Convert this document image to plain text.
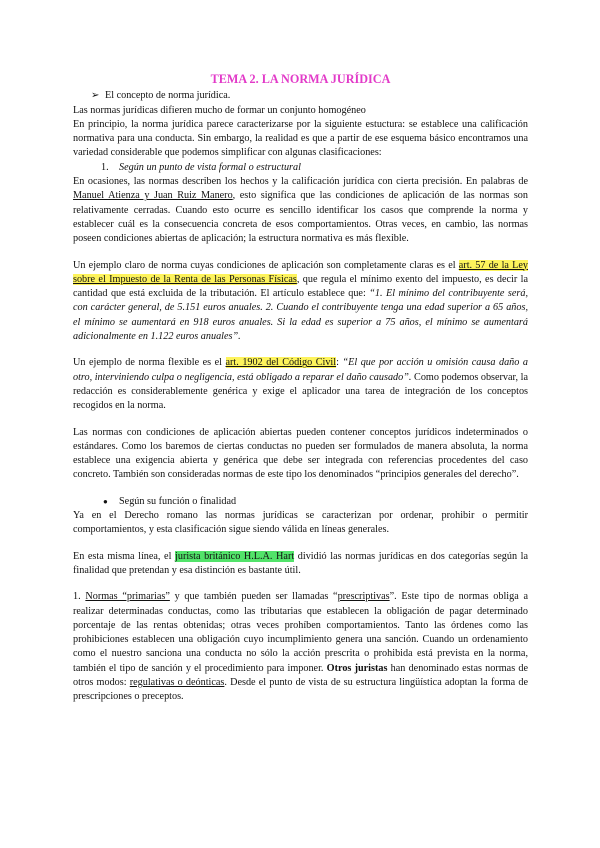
TEMA 2. LA NORMA JURÍDICA

➢ El concepto de norma jurídica.

Las normas jurídicas difieren mucho de formar un conjunto homogéneo

En principio, la norma jurídica parece caracterizarse por la siguiente estuctura: se establece una calificación normativa para una conducta. Sin embargo, la realidad es que a partir de ese esquema básico encontramos una variedad considerable que podemos simplificar con algunas clasificaciones:

1. Según un punto de vista formal o estructural

En ocasiones, las normas describen los hechos y la calificación jurídica con cierta precisión. En palabras de Manuel Atienza y Juan Ruiz Manero, esto significa que las condiciones de aplicación de las normas son relativamente cerradas. Cuando esto ocurre es sencillo identificar los casos que comprende la norma y establecer cuál es la consecuencia concreta de esos comportamientos. Otras veces, en cambio, las normas poseen condiciones abiertas de aplicación; la estructura normativa es más flexible.

Un ejemplo claro de norma cuyas condiciones de aplicación son completamente claras es el art. 57 de la Ley sobre el Impuesto de la Renta de las Personas Físicas, que regula el mínimo exento del impuesto, es decir la cantidad que está excluida de la tributación. El artículo establece que: “1. El mínimo del contribuyente será, con carácter general, de 5.151 euros anuales. 2. Cuando el contribuyente tenga una edad superior a 65 años, el mínimo se aumentará en 918 euros anuales. Si la edad es superior a 75 años, el mínimo se aumentará adicionalmente en 1.122 euros anuales”.

Un ejemplo de norma flexible es el art. 1902 del Código Civil: “El que por acción u omisión causa daño a otro, interviniendo culpa o negligencia, está obligado a reparar el daño causado”. Como podemos observar, la redacción es considerablemente genérica y exige el aplicador una tarea de integración de los conceptos recogidos en la norma.

Las normas con condiciones de aplicación abiertas pueden contener conceptos jurídicos indeterminados o estándares. Como los baremos de ciertas conductas no pueden ser formulados de manera absoluta, la norma establece una exigencia abierta y genérica que debe ser integrada con referencias procedentes del caso concreto. También son consideradas normas de este tipo los denominados “principios generales del derecho”.

● Según su función o finalidad

Ya en el Derecho romano las normas jurídicas se caracterizan por ordenar, prohibir o permitir comportamientos, y esta clasificación sigue siendo válida en líneas generales.

En esta misma línea, el jurista británico H.L.A. Hart dividió las normas jurídicas en dos categorías según la finalidad que pretendan y esa distinción es bastante útil.

1. Normas “primarias” y que también pueden ser llamadas “prescriptivas”. Este tipo de normas obliga a realizar determinadas conductas, como las tributarias que establecen la obligación de pagar determinado porcentaje de las rentas obtenidas; otras veces prohíben comportamientos. Tanto las órdenes como las prohibiciones establecen una obligación cuyo incumplimiento genera una sanción. Cuando un ordenamiento como el nuestro sanciona una conducta no sólo la acción prescrita o prohibida está prevista en la norma, también el tipo de sanción y el procedimiento para imponer. Otros juristas han denominado estas normas de otros modos: regulativas o deónticas. Desde el punto de vista de su estructura lingüística adoptan la forma de prescripciones o preceptos.
